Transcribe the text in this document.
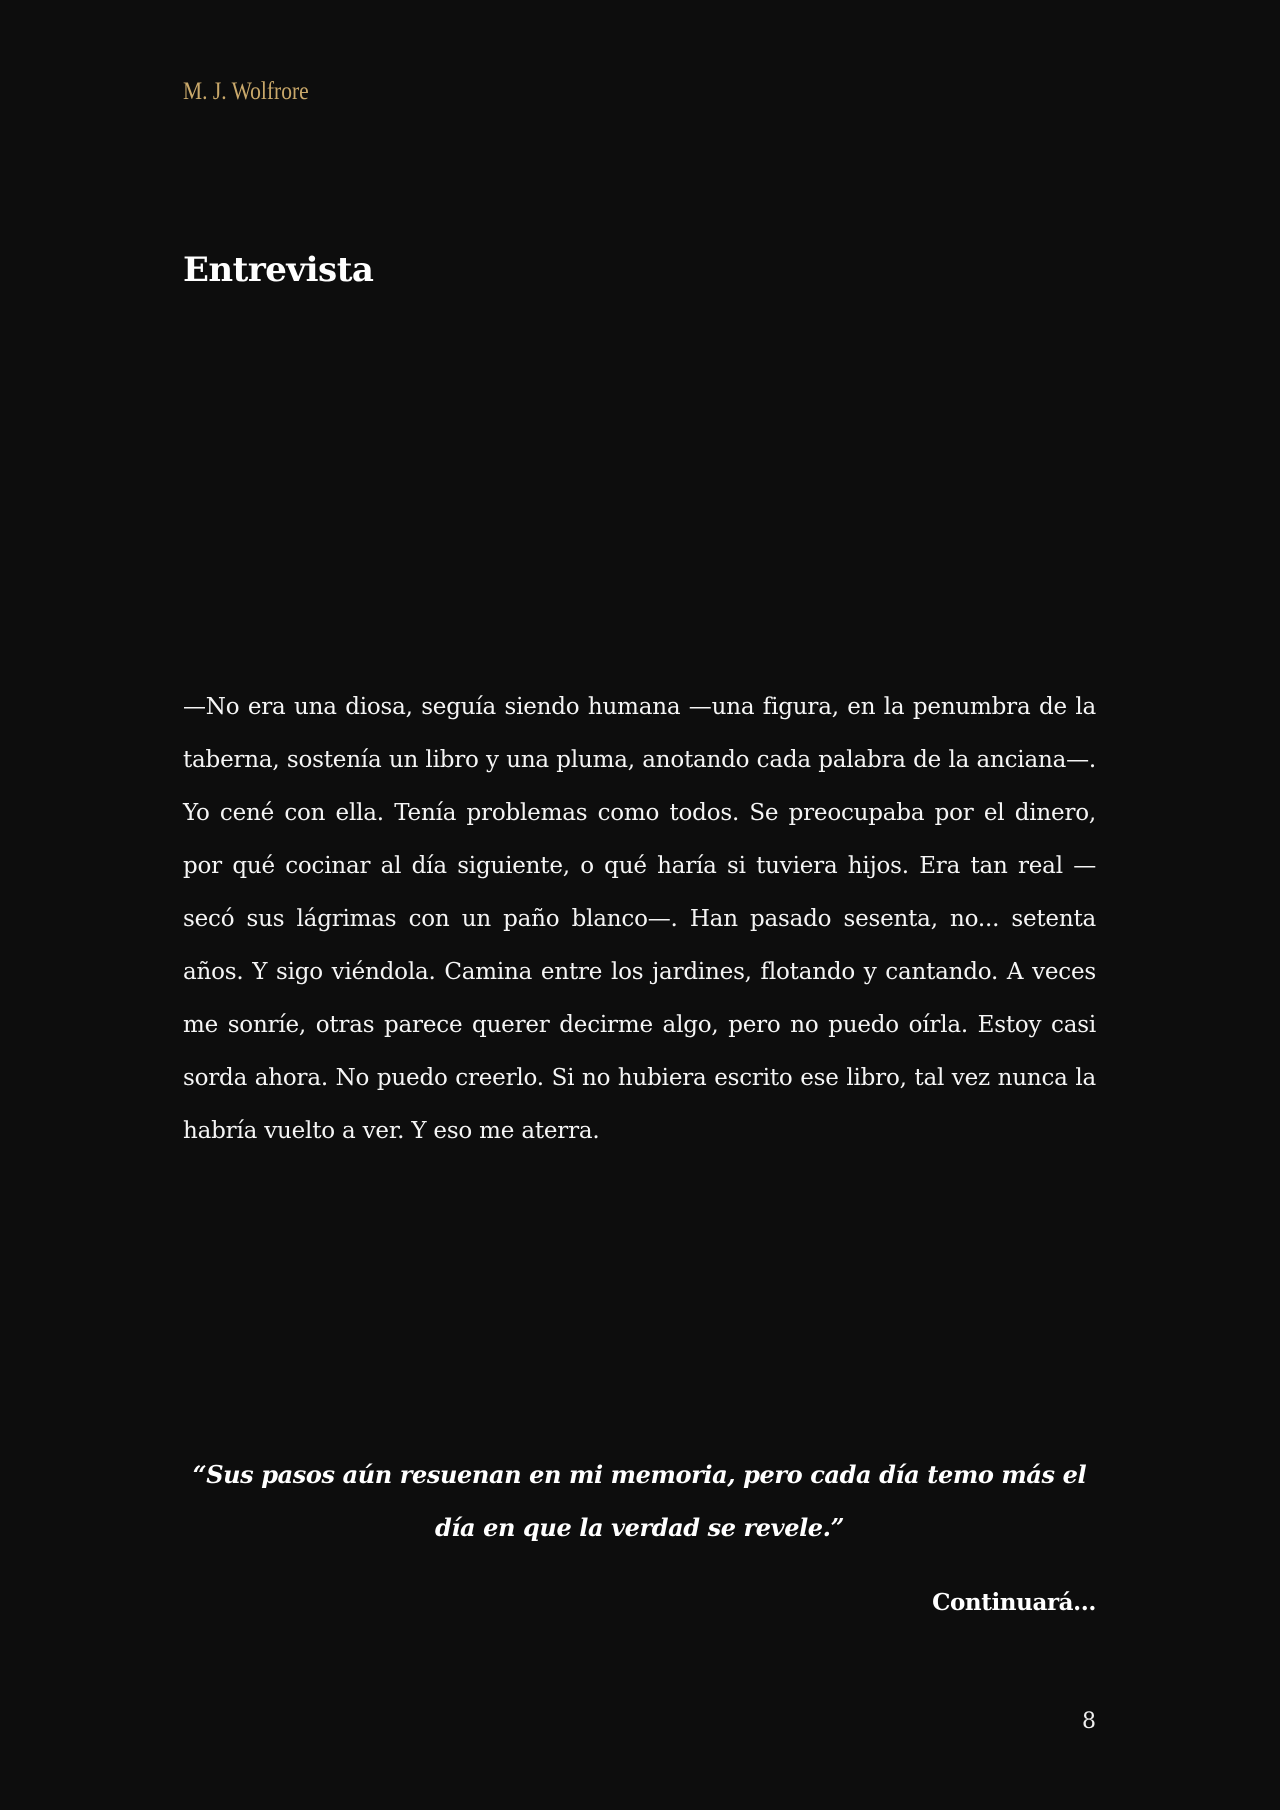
M. J. Wolfrore
Entrevista

—No era una diosa, seguía siendo humana —una figura, en la penumbra de la taberna, sostenía un libro y una pluma, anotando cada palabra de la anciana—. Yo cené con ella. Tenía problemas como todos. Se preocupaba por el dinero, por qué cocinar al día siguiente, o qué haría si tuviera hijos. Era tan real —secó sus lágrimas con un paño blanco—. Han pasado sesenta, no... setenta años. Y sigo viéndola. Camina entre los jardines, flotando y cantando. A veces me sonríe, otras parece querer decirme algo, pero no puedo oírla. Estoy casi sorda ahora. No puedo creerlo. Si no hubiera escrito ese libro, tal vez nunca la habría vuelto a ver. Y eso me aterra.

“Sus pasos aún resuenan en mi memoria, pero cada día temo más el día en que la verdad se revele.”

Continuará...
8
